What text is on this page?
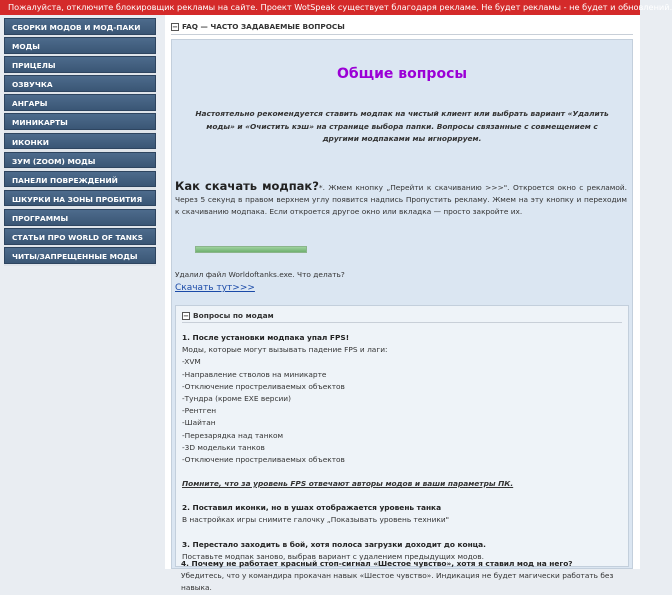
Пожалуйста, отключите блокировщик рекламы на сайте. Проект WotSpeak существует благодаря рекламе. Не будет рекламы - не будет и обновлений.
СБОРКИ МОДОВ И МОД-ПАКИ
МОДЫ
ПРИЦЕЛЫ
ОЗВУЧКА
АНГАРЫ
МИНИКАРТЫ
ИКОНКИ
ЗУМ (ZOOM) МОДЫ
ПАНЕЛИ ПОВРЕЖДЕНИЙ
ШКУРКИ НА ЗОНЫ ПРОБИТИЯ
ПРОГРАММЫ
СТАТЬИ ПРО WORLD OF TANKS
ЧИТЫ/ЗАПРЕЩЕННЫЕ МОДЫ
− FAQ — ЧАСТО ЗАДАВАЕМЫЕ ВОПРОСЫ
Общие вопросы

Настоятельно рекомендуется ставить модпак на чистый клиент или выбрать вариант «Удалить моды» и «Очистить кэш» на странице выбора папки. Вопросы связанные с совмещением с другими модпаками мы игнорируем.

Как скачать модпак?*. Жмем кнопку „Перейти к скачиванию >>>". Откроется окно с рекламой. Через 5 секунд в правом верхнем углу появится надпись Пропустить рекламу. Жмем на эту кнопку и переходим к скачиванию модпака. Если откроется другое окно или вкладка — просто закройте их.

Удалил файл Worldoftanks.exe. Что делать?

Скачать тут>>>
− Вопросы по модам
1. После установки модпака упал FPS!
Моды, которые могут вызывать падение FPS и лаги:
-XVM
-Направление стволов на миникарте
-Отключение простреливаемых объектов
-Тундра (кроме EXE версии)
-Рентген
-Шайтан
-Перезарядка над танком
-3D модельки танков
-Отключение простреливаемых объектов
Помните, что за уровень FPS отвечают авторы модов и ваши параметры ПК.
2. Поставил иконки, но в ушах отображается уровень танка
В настройках игры снимите галочку „Показывать уровень техники"
3. Перестало заходить в бой, хотя полоса загрузки доходит до конца.
Поставьте модпак заново, выбрав вариант с удалением предыдущих модов.
4. Почему не работает красный стоп-сигнал «Шестое чувство», хотя я ставил мод на него?
Убедитесь, что у командира прокачан навык «Шестое чувство». Индикация не будет магически работать без навыка.
